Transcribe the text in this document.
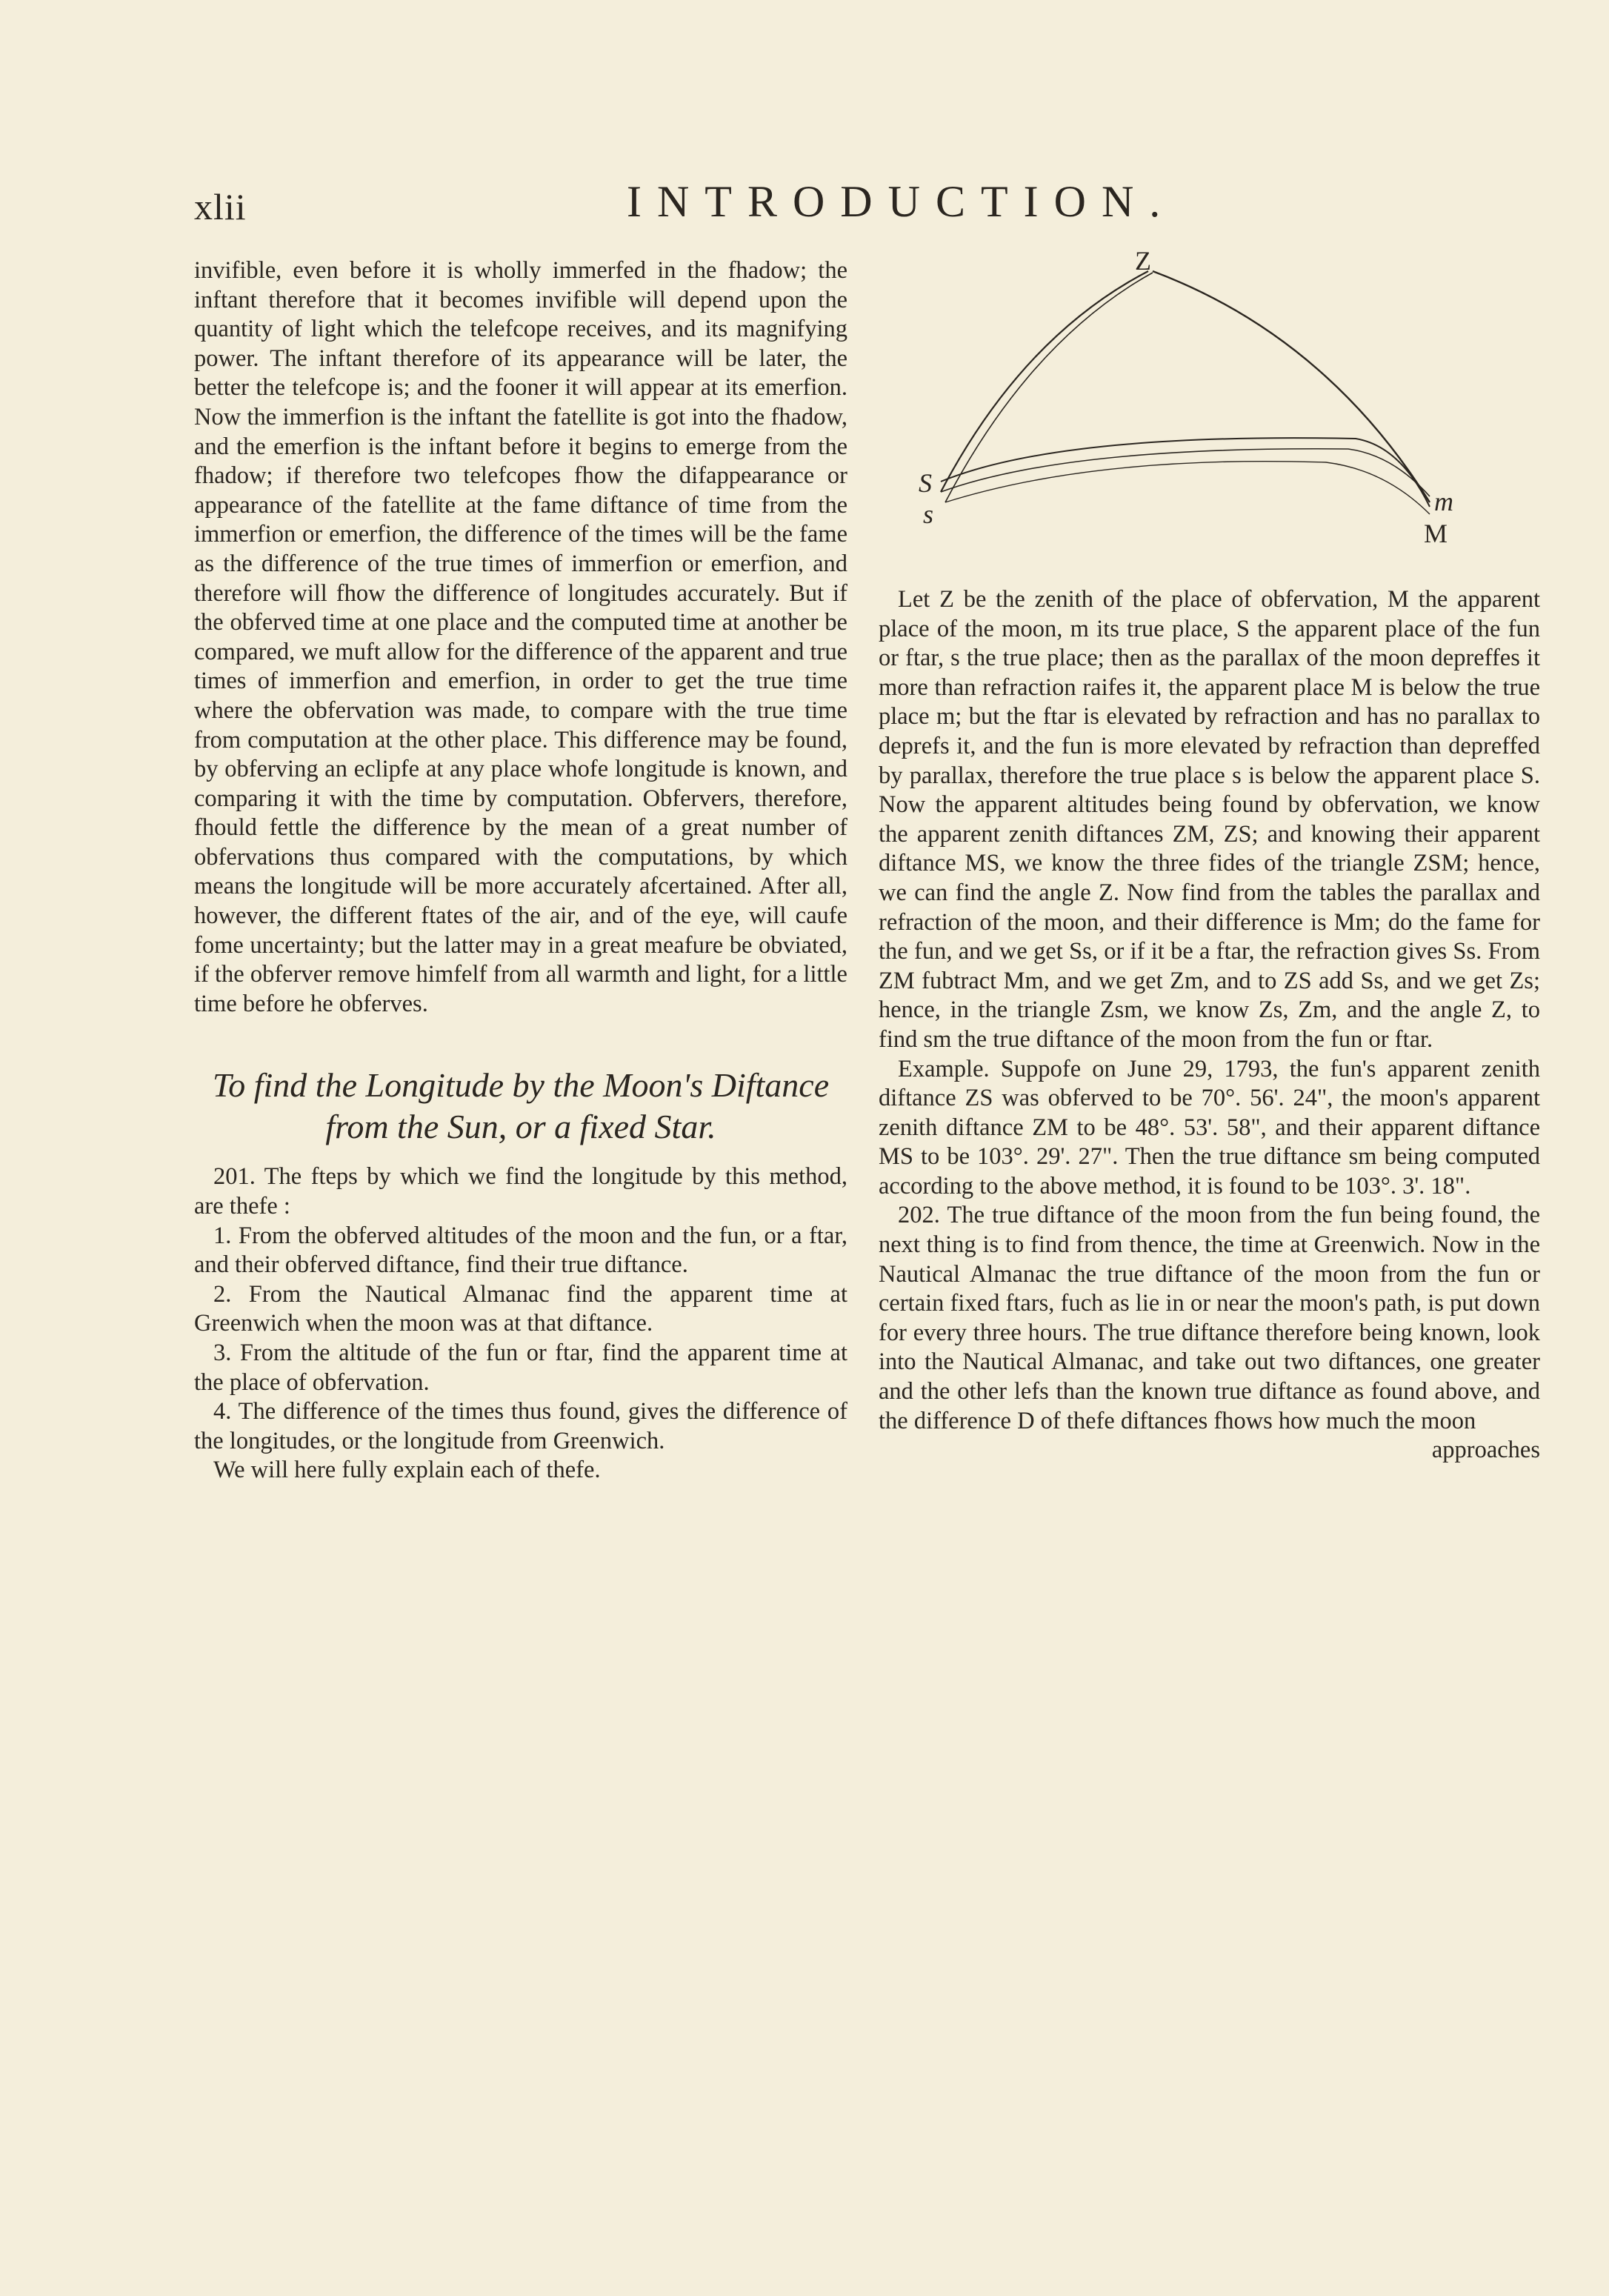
xlii	INTRODUCTION.

invifible, even before it is wholly immerfed in the fhadow; the inftant therefore that it becomes invifible will depend upon the quantity of light which the telefcope receives, and its magnifying power. The inftant therefore of its appearance will be later, the better the telefcope is; and the fooner it will appear at its emerfion. Now the immerfion is the inftant the fatellite is got into the fhadow, and the emerfion is the inftant before it begins to emerge from the fhadow; if therefore two telefcopes fhow the difappearance or appearance of the fatellite at the fame diftance of time from the immerfion or emerfion, the difference of the times will be the fame as the difference of the true times of immerfion or emerfion, and therefore will fhow the difference of longitudes accurately. But if the obferved time at one place and the computed time at another be compared, we muft allow for the difference of the apparent and true times of immerfion and emerfion, in order to get the true time where the obfervation was made, to compare with the true time from computation at the other place. This difference may be found, by obferving an eclipfe at any place whofe longitude is known, and comparing it with the time by computation. Obfervers, therefore, fhould fettle the difference by the mean of a great number of obfervations thus compared with the computations, by which means the longitude will be more accurately afcertained. After all, however, the different ftates of the air, and of the eye, will caufe fome uncertainty; but the latter may in a great meafure be obviated, if the obferver remove himfelf from all warmth and light, for a little time before he obferves.

To find the Longitude by the Moon's Diftance
from the Sun, or a fixed Star.

201. The fteps by which we find the longitude by this method, are thefe :

1. From the obferved altitudes of the moon and the fun, or a ftar, and their obferved diftance, find their true diftance.

2. From the Nautical Almanac find the apparent time at Greenwich when the moon was at that diftance.

3. From the altitude of the fun or ftar, find the apparent time at the place of obfervation.

4. The difference of the times thus found, gives the difference of the longitudes, or the longitude from Greenwich.

We will here fully explain each of thefe.

Z
S
s	m
M

Let Z be the zenith of the place of obfervation, M the apparent place of the moon, m its true place, S the apparent place of the fun or ftar, s the true place; then as the parallax of the moon depreffes it more than refraction raifes it, the apparent place M is below the true place m; but the ftar is elevated by refraction and has no parallax to deprefs it, and the fun is more elevated by refraction than depreffed by parallax, therefore the true place s is below the apparent place S. Now the apparent altitudes being found by obfervation, we know the apparent zenith diftances ZM, ZS; and knowing their apparent diftance MS, we know the three fides of the triangle ZSM; hence, we can find the angle Z. Now find from the tables the parallax and refraction of the moon, and their difference is Mm; do the fame for the fun, and we get Ss, or if it be a ftar, the refraction gives Ss. From ZM fubtract Mm, and we get Zm, and to ZS add Ss, and we get Zs; hence, in the triangle Zsm, we know Zs, Zm, and the angle Z, to find sm the true diftance of the moon from the fun or ftar.

Example. Suppofe on June 29, 1793, the fun's apparent zenith diftance ZS was obferved to be 70°. 56'. 24", the moon's apparent zenith diftance ZM to be 48°. 53'. 58", and their apparent diftance MS to be 103°. 29'. 27". Then the true diftance sm being computed according to the above method, it is found to be 103°. 3'. 18".

202. The true diftance of the moon from the fun being found, the next thing is to find from thence, the time at Greenwich. Now in the Nautical Almanac the true diftance of the moon from the fun or certain fixed ftars, fuch as lie in or near the moon's path, is put down for every three hours. The true diftance therefore being known, look into the Nautical Almanac, and take out two diftances, one greater and the other lefs than the known true diftance as found above, and the difference D of thefe diftances fhows how much the moon

approaches
